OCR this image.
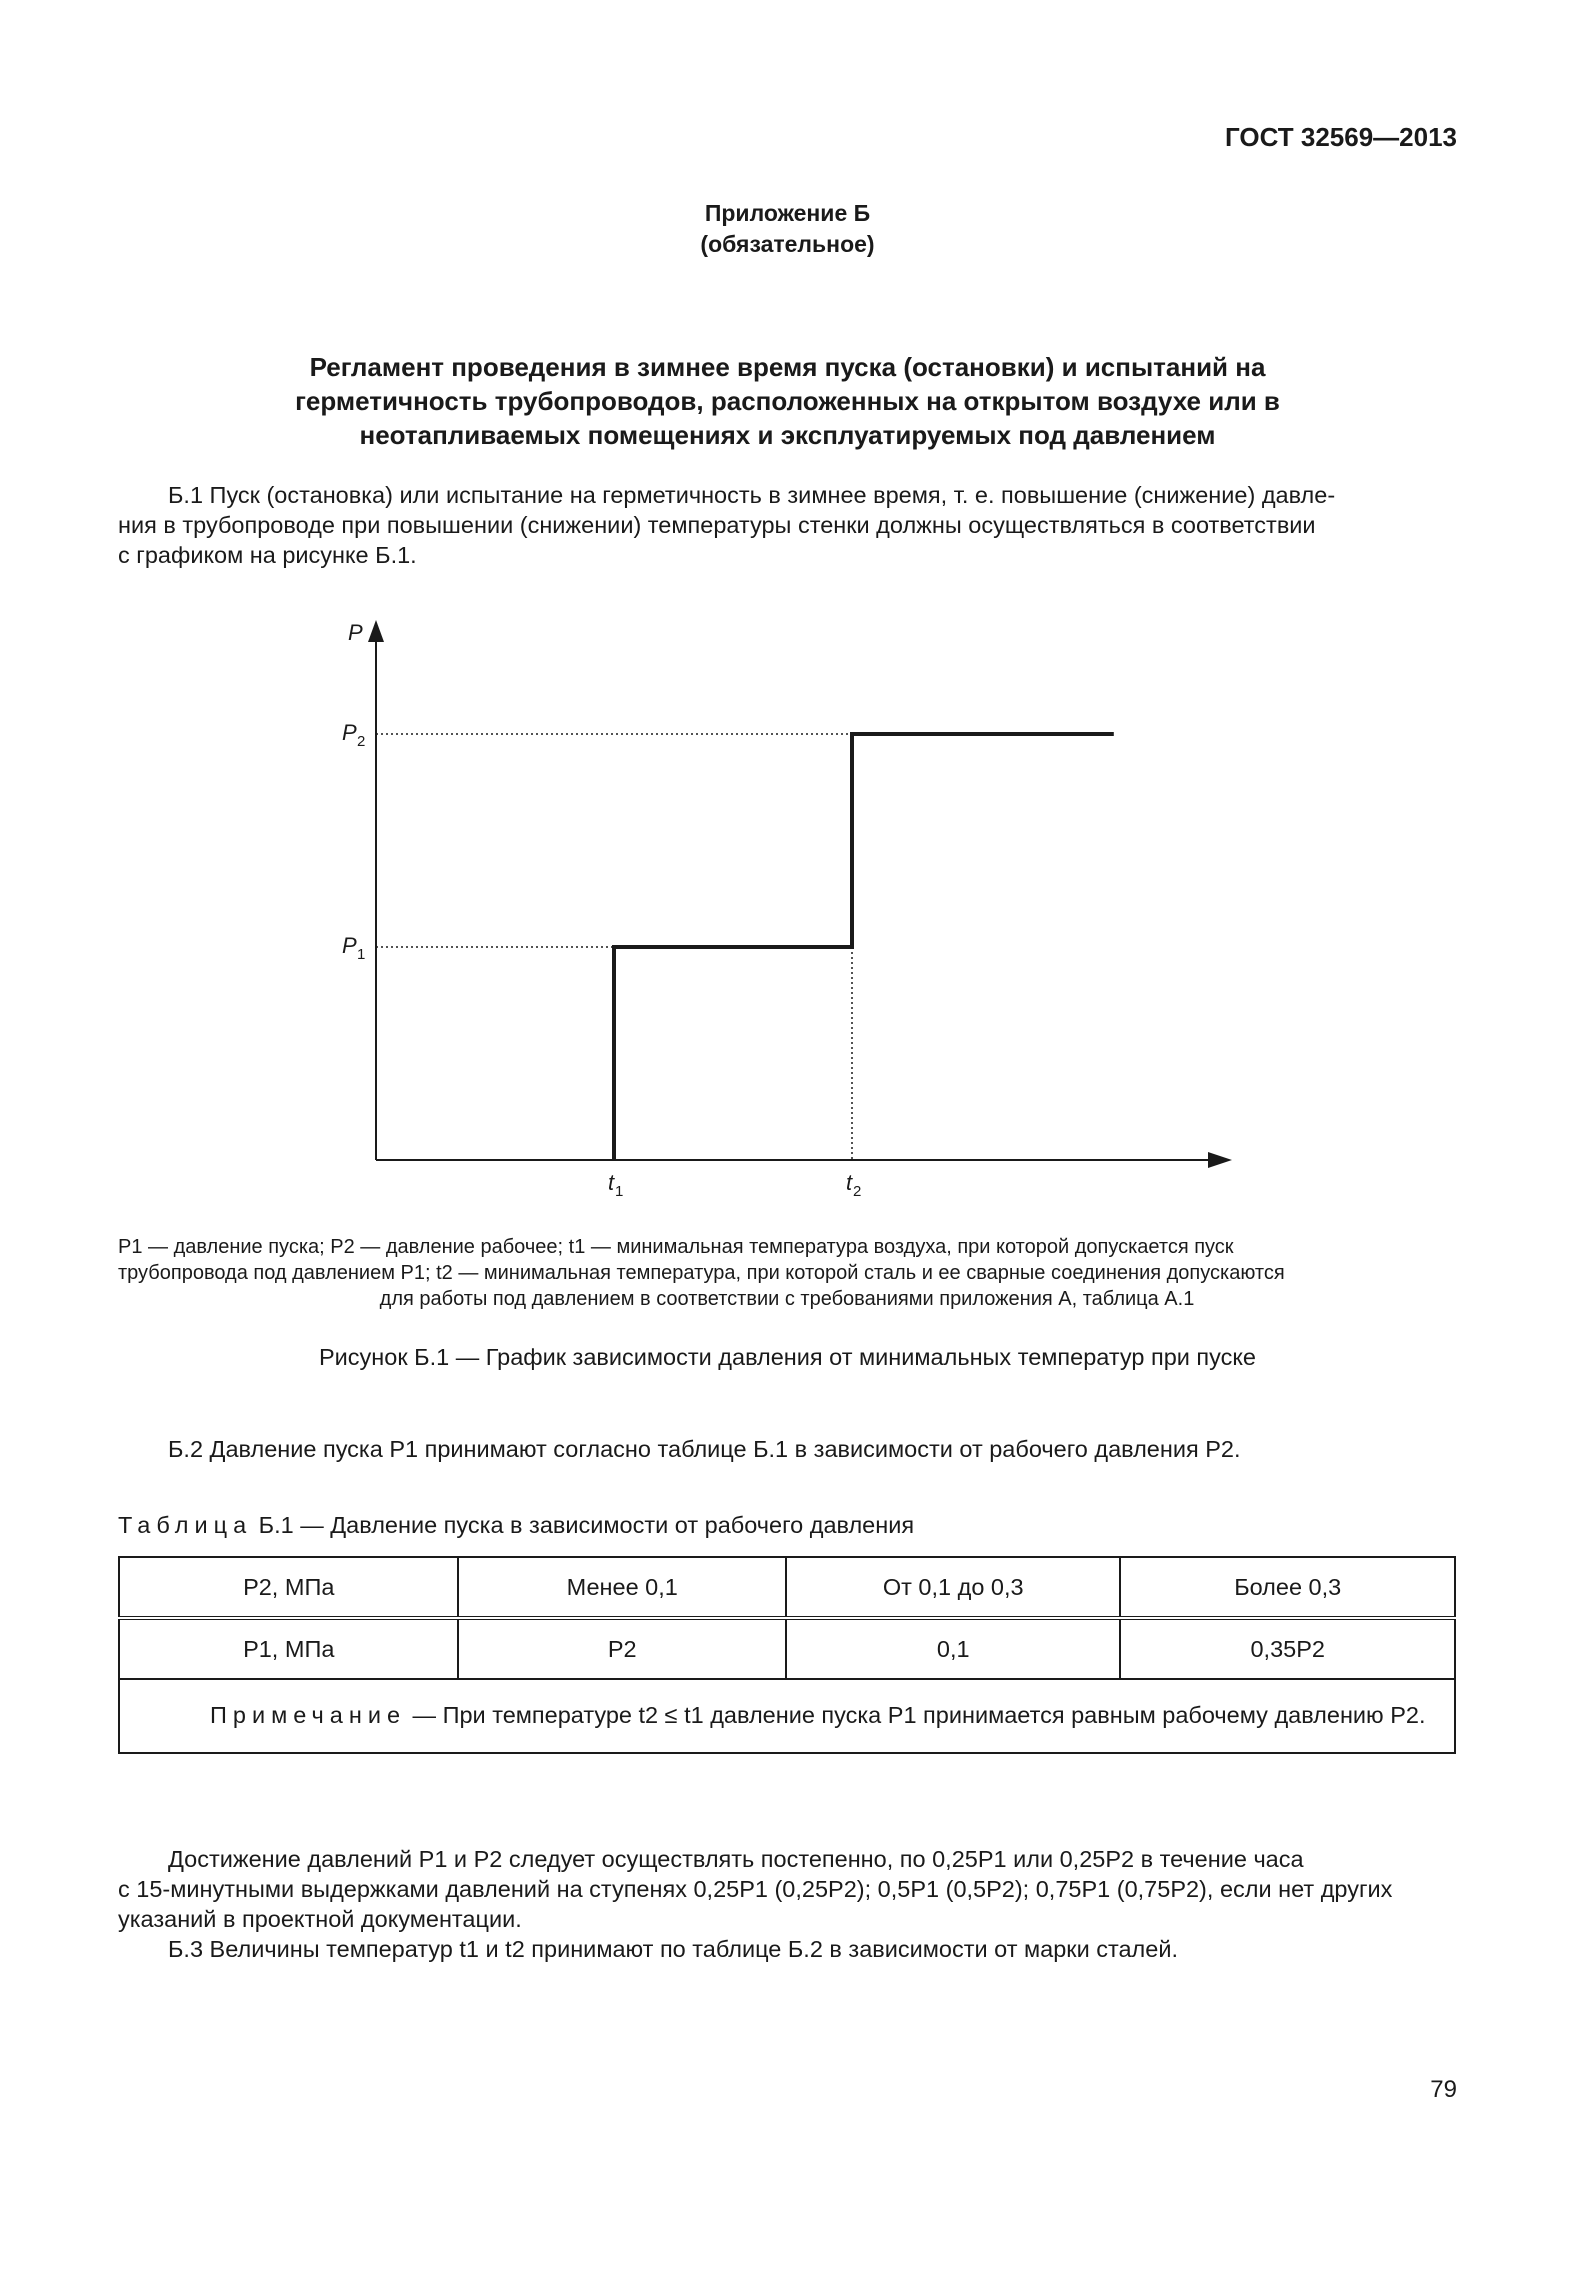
ГОСТ 32569—2013
Приложение Б
(обязательное)
Регламент проведения в зимнее время пуска (остановки) и испытаний на
герметичность трубопроводов, расположенных на открытом воздухе или в
неотапливаемых помещениях и эксплуатируемых под давлением
Б.1 Пуск (остановка) или испытание на герметичность в зимнее время, т. е. повышение (снижение) давле-
ния в трубопроводе при повышении (снижении) температуры стенки должны осуществляться в соответствии
с графиком на рисунке Б.1.
P
P 1
P 2
t 1	t 2
P1 — давление пуска; P2 — давление рабочее; t1 — минимальная температура воздуха, при которой допускается пуск
трубопровода под давлением P1; t2 — минимальная температура, при которой сталь и ее сварные соединения допускаются
для работы под давлением в соответствии с требованиями приложения А, таблица А.1
Рисунок Б.1 — График зависимости давления от минимальных температур при пуске
Б.2 Давление пуска P1 принимают согласно таблице Б.1 в зависимости от рабочего давления P2.
Таблица Б.1 — Давление пуска в зависимости от рабочего давления
P2, МПа	Менее 0,1	От 0,1 до 0,3	Более 0,3
P1, МПа	P2	0,1	0,35P2
Примечание — При температуре t2 ≤ t1 давление пуска P1 принимается равным рабочему давлению P2.			
Достижение давлений P1 и P2 следует осуществлять постепенно, по 0,25P1 или 0,25P2 в течение часа
с 15-минутными выдержками давлений на ступенях 0,25P1 (0,25P2); 0,5P1 (0,5P2); 0,75P1 (0,75P2), если нет других
указаний в проектной документации.
Б.3 Величины температур t1 и t2 принимают по таблице Б.2 в зависимости от марки сталей.
79
